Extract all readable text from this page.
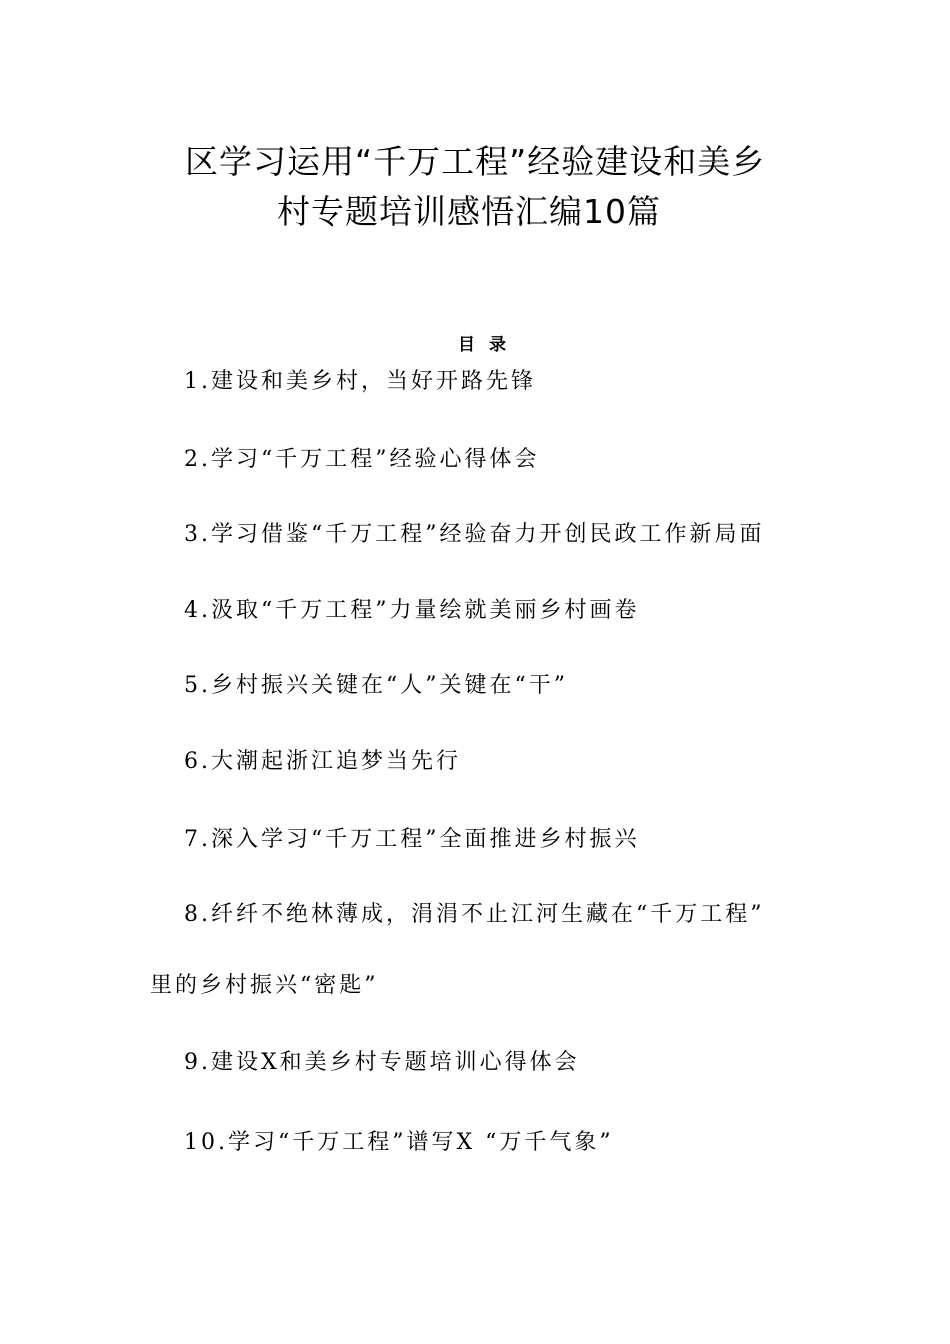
区学习运用“千万工程”经验建设和美乡
村专题培训感悟汇编10篇
目录
1.建设和美乡村，当好开路先锋
2.学习“千万工程”经验心得体会
3.学习借鉴“千万工程”经验奋力开创民政工作新局面
4.汲取“千万工程”力量绘就美丽乡村画卷
5.乡村振兴关键在“人”关键在“干”
6.大潮起浙江追梦当先行
7.深入学习“千万工程”全面推进乡村振兴
8.纤纤不绝林薄成，涓涓不止江河生藏在“千万工程”
里的乡村振兴“密匙”
9.建设X和美乡村专题培训心得体会
10.学习“千万工程”谱写X “万千气象”
